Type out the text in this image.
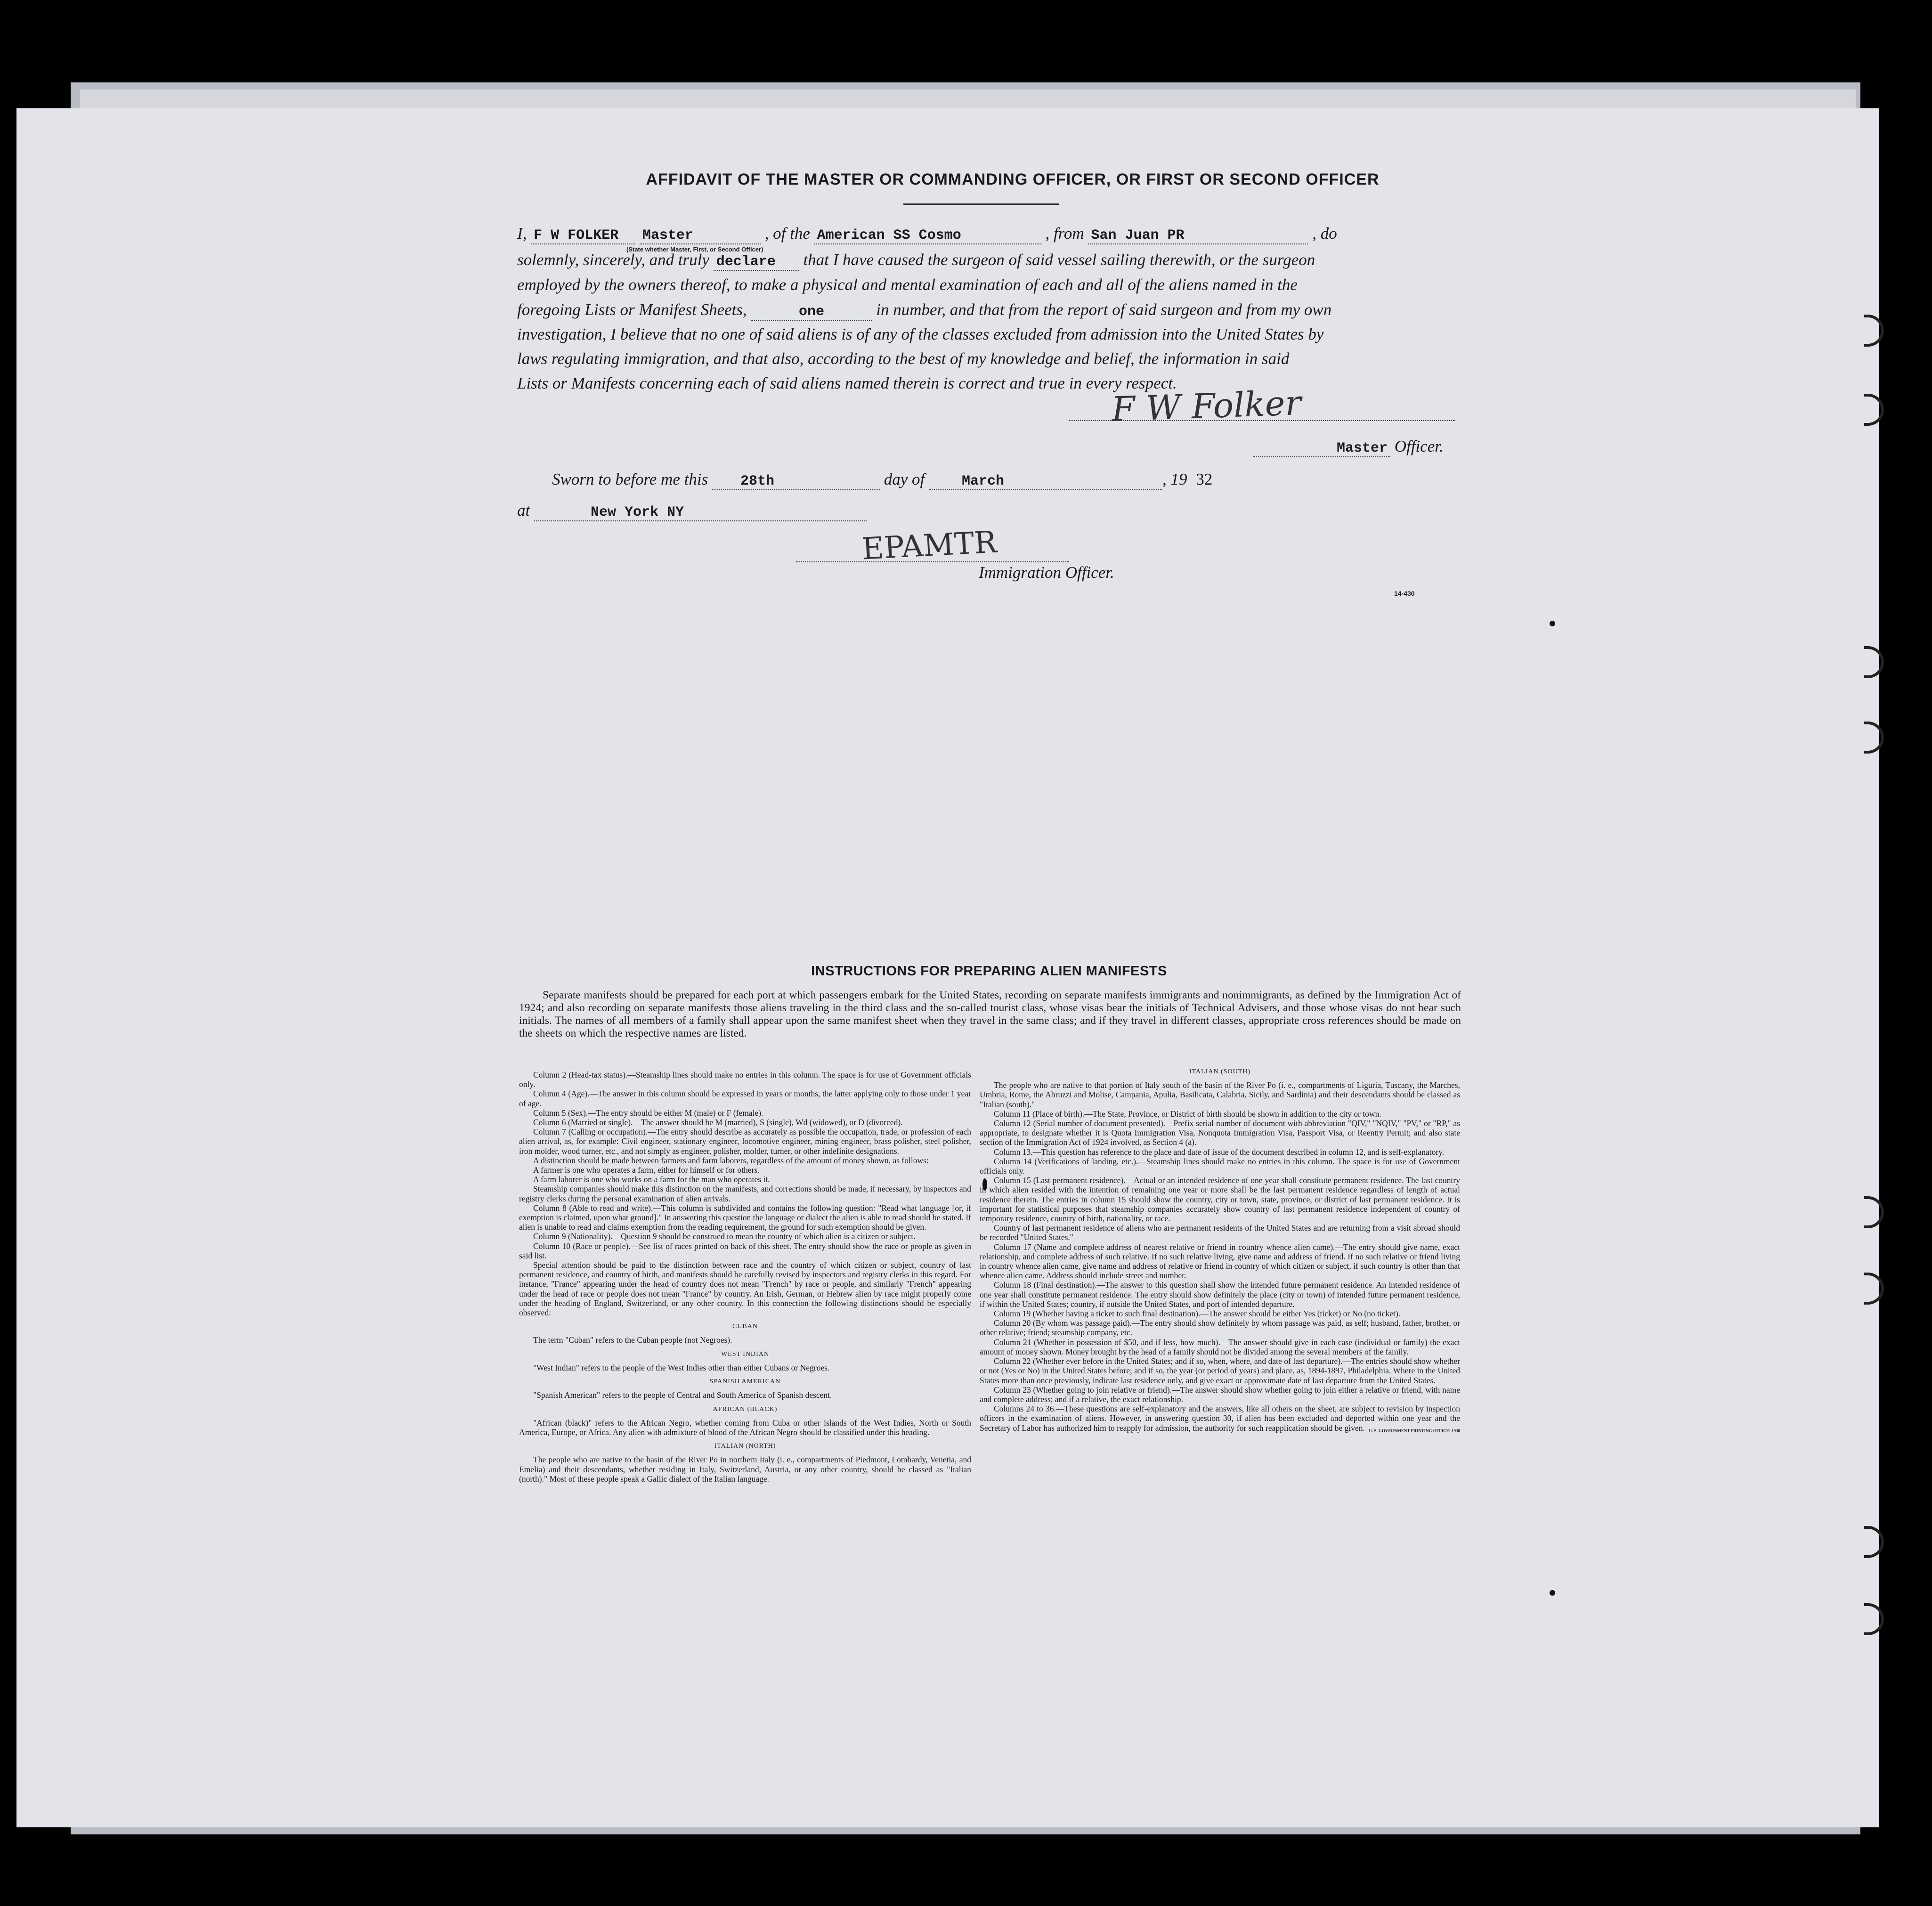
AFFIDAVIT OF THE MASTER OR COMMANDING OFFICER, OR FIRST OR SECOND OFFICER
I, F W FOLKER Master	, of the American SS Cosmo	, from San Juan PR	, do
(State whether Master, First, or Second Officer)
solemnly, sincerely, and truly declare that I have caused the surgeon of said vessel sailing therewith, or the surgeon
employed by the owners thereof, to make a physical and mental examination of each and all of the aliens named in the
foregoing Lists or Manifest Sheets,	one	in number, and that from the report of said surgeon and from my own
investigation, I believe that no one of said aliens is of any of the classes excluded from admission into the United States by
laws regulating immigration, and that also, according to the best of my knowledge and belief, the information in said
Lists or Manifests concerning each of said aliens named therein is correct and true in every respect.
F W Folker
Master Officer.
Sworn to before me this 28th	day of	March	, 19 32
at	New York NY
EPAMTR
Immigration Officer.
14-430
INSTRUCTIONS FOR PREPARING ALIEN MANIFESTS
Separate manifests should be prepared for each port at which passengers embark for the United States, recording on separate manifests immigrants and nonimmigrants, as defined by the Immigration Act of 1924; and also recording on separate manifests those aliens traveling in the third class and the so-called tourist class, whose visas bear the initials of Technical Advisers, and those whose visas do not bear such initials. The names of all members of a family shall appear upon the same manifest sheet when they travel in the same class; and if they travel in different classes, appropriate cross references should be made on the sheets on which the respective names are listed.

Column 2 (Head-tax status).—Steamship lines should make no entries in this column. The space is for use of Government officials only.

Column 4 (Age).—The answer in this column should be expressed in years or months, the latter applying only to those under 1 year of age.

Column 5 (Sex).—The entry should be either M (male) or F (female).

Column 6 (Married or single).—The answer should be M (married), S (single), Wd (widowed), or D (divorced).

Column 7 (Calling or occupation).—The entry should describe as accurately as possible the occupation, trade, or profession of each alien arrival, as, for example: Civil engineer, stationary engineer, locomotive engineer, mining engineer, brass polisher, steel polisher, iron molder, wood turner, etc., and not simply as engineer, polisher, molder, turner, or other indefinite designations.

A distinction should be made between farmers and farm laborers, regardless of the amount of money shown, as follows:

A farmer is one who operates a farm, either for himself or for others.

A farm laborer is one who works on a farm for the man who operates it.

Steamship companies should make this distinction on the manifests, and corrections should be made, if necessary, by inspectors and registry clerks during the personal examination of alien arrivals.

Column 8 (Able to read and write).—This column is subdivided and contains the following question: "Read what language [or, if exemption is claimed, upon what ground]." In answering this question the language or dialect the alien is able to read should be stated. If alien is unable to read and claims exemption from the reading requirement, the ground for such exemption should be given.

Column 9 (Nationality).—Question 9 should be construed to mean the country of which alien is a citizen or subject.

Column 10 (Race or people).—See list of races printed on back of this sheet. The entry should show the race or people as given in said list.

Special attention should be paid to the distinction between race and the country of which citizen or subject, country of last permanent residence, and country of birth, and manifests should be carefully revised by inspectors and registry clerks in this regard. For instance, "France" appearing under the head of country does not mean "French" by race or people, and similarly "French" appearing under the head of race or people does not mean "France" by country. An Irish, German, or Hebrew alien by race might properly come under the heading of England, Switzerland, or any other country. In this connection the following distinctions should be especially observed:

CUBAN

The term "Cuban" refers to the Cuban people (not Negroes).

WEST INDIAN

"West Indian" refers to the people of the West Indies other than either Cubans or Negroes.

SPANISH AMERICAN

"Spanish American" refers to the people of Central and South America of Spanish descent.

AFRICAN (BLACK)

"African (black)" refers to the African Negro, whether coming from Cuba or other islands of the West Indies, North or South America, Europe, or Africa. Any alien with admixture of blood of the African Negro should be classified under this heading.

ITALIAN (NORTH)

The people who are native to the basin of the River Po in northern Italy (i. e., compartments of Piedmont, Lombardy, Venetia, and Emelia) and their descendants, whether residing in Italy, Switzerland, Austria, or any other country, should be classed as "Italian (north)." Most of these people speak a Gallic dialect of the Italian language.

ITALIAN (SOUTH)

The people who are native to that portion of Italy south of the basin of the River Po (i. e., compartments of Liguria, Tuscany, the Marches, Umbria, Rome, the Abruzzi and Molise, Campania, Apulia, Basilicata, Calabria, Sicily, and Sardinia) and their descendants should be classed as "Italian (south)."

Column 11 (Place of birth).—The State, Province, or District of birth should be shown in addition to the city or town.

Column 12 (Serial number of document presented).—Prefix serial number of document with abbreviation "QIV," "NQIV," "PV," or "RP," as appropriate, to designate whether it is Quota Immigration Visa, Nonquota Immigration Visa, Passport Visa, or Reentry Permit; and also state section of the Immigration Act of 1924 involved, as Section 4 (a).

Column 13.—This question has reference to the place and date of issue of the document described in column 12, and is self-explanatory.

Column 14 (Verifications of landing, etc.).—Steamship lines should make no entries in this column. The space is for use of Government officials only.

Column 15 (Last permanent residence).—Actual or an intended residence of one year shall constitute permanent residence. The last country in which alien resided with the intention of remaining one year or more shall be the last permanent residence regardless of length of actual residence therein. The entries in column 15 should show the country, city or town, state, province, or district of last permanent residence. It is important for statistical purposes that steamship companies accurately show country of last permanent residence independent of country of temporary residence, country of birth, nationality, or race.

Country of last permanent residence of aliens who are permanent residents of the United States and are returning from a visit abroad should be recorded "United States."

Column 17 (Name and complete address of nearest relative or friend in country whence alien came).—The entry should give name, exact relationship, and complete address of such relative. If no such relative living, give name and address of friend. If no such relative or friend living in country whence alien came, give name and address of relative or friend in country of which citizen or subject, if such country is other than that whence alien came. Address should include street and number.

Column 18 (Final destination).—The answer to this question shall show the intended future permanent residence. An intended residence of one year shall constitute permanent residence. The entry should show definitely the place (city or town) of intended future permanent residence, if within the United States; country, if outside the United States, and port of intended departure.

Column 19 (Whether having a ticket to such final destination).—The answer should be either Yes (ticket) or No (no ticket).

Column 20 (By whom was passage paid).—The entry should show definitely by whom passage was paid, as self; husband, father, brother, or other relative; friend; steamship company, etc.

Column 21 (Whether in possession of $50, and if less, how much).—The answer should give in each case (individual or family) the exact amount of money shown. Money brought by the head of a family should not be divided among the several members of the family.

Column 22 (Whether ever before in the United States; and if so, when, where, and date of last departure).—The entries should show whether or not (Yes or No) in the United States before; and if so, the year (or period of years) and place, as, 1894-1897, Philadelphia. Where in the United States more than once previously, indicate last residence only, and give exact or approximate date of last departure from the United States.

Column 23 (Whether going to join relative or friend).—The answer should show whether going to join either a relative or friend, with name and complete address; and if a relative, the exact relationship.

Columns 24 to 36.—These questions are self-explanatory and the answers, like all others on the sheet, are subject to revision by inspection officers in the examination of aliens. However, in answering question 30, if alien has been excluded and deported within one year and the Secretary of Labor has authorized him to reapply for admission, the authority for such reapplication should be given. U. S. GOVERNMENT PRINTING OFFICE: 1930
